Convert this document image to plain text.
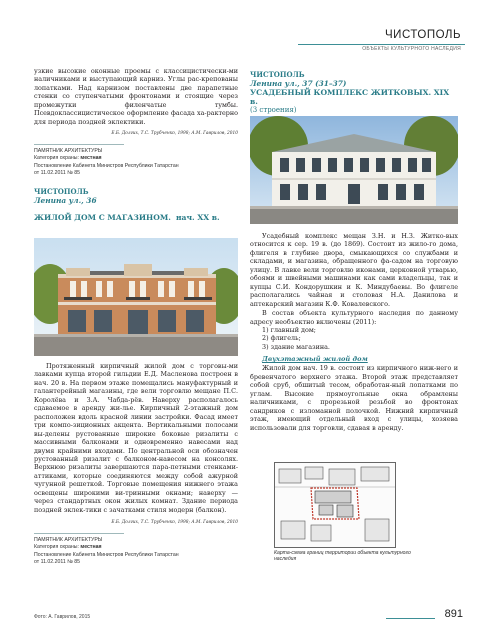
ЧИСТОПОЛЬ
ОБЪЕКТЫ КУЛЬТУРНОГО НАСЛЕДИЯ
узкие высокие оконные проемы с классицистически-ми наличниками и выступающий карниз. Углы рас-крепованы лопатками. Над карнизом поставлены две парапетные стенки со ступенчатыми фронтонами и стоящие через промежутки филенчатые тумбы. Псевдоклассицистическое оформление фасада ха-рактерно для периода поздней эклектики.
Е.Б. Долгих, Т.С. Трубченко, 1998; А.М. Гаврилов, 2010
ПАМЯТНИК АРХИТЕКТУРЫ
Категория охраны: местная
Постановление Кабинета Министров Республики Татарстан
от 11.02.2011 № 85
ЧИСТОПОЛЬ
Ленина ул., 36
ЖИЛОЙ ДОМ С МАГАЗИНОМ. нач. ХХ в.
Протяженный кирпичный жилой дом с торговы-ми лавками купца второй гильдии Е.Д. Масленова построен в нач. 20 в. На первом этаже помещались мануфактурный и галантерейный магазины, где вели торговлю мещане П.С. Королёва и З.А. Чабда-рёв. Наверху располагалось сдаваемое в аренду жи-лье. Кирпичный 2-этажный дом расположен вдоль красной линии застройки. Фасад имеет три компо-зиционных акцента. Вертикальными полосами вы-делены рустованные широкие боковые ризалиты с массивными балконами и одновременно навесами над двумя крайними входами. По центральной оси обозначен рустованный ризалит с балконом-навесом на консолях. Верхнюю ризалиты завершаются пара-петными стенками-аттиками, которые соединяются между собой ажурной чугунной решеткой. Торговые помещения нижнего этажа освещены широкими ви-тринными окнами; наверху — через стандартных окон жилых комнат. Здание периода поздней эклек-тики с зачатками стиля модерн (балкон).
Е.Б. Долгих, Т.С. Трубченко, 1998; А.М. Гаврилов, 2010
ПАМЯТНИК АРХИТЕКТУРЫ
Категория охраны: местная
Постановление Кабинета Министров Республики Татарстан
от 11.02.2011 № 85
ЧИСТОПОЛЬ
Ленина ул., 37 (31–37)
УСАДЕБНЫЙ КОМПЛЕКС ЖИТКОВЫХ. XIX в.
(3 строения)
Усадебный комплекс мещан З.Н. и Н.З. Житко-вых относится к сер. 19 в. (до 1869). Состоит из жило-го дома, флигеля в глубине двора, смыкающихся со службами и складами, и магазина, обращенного фа-садом на торговую улицу. В лавке вели торговлю иконами, церковной утварью, обоями и швейными машинами как сами владельцы, так и купцы С.И. Кондорушкин и К. Миндубаевы. Во флигеле располагались чайная и столовая Н.А. Данилова и аптекарский магазин К.Ф. Ковалевского.
В состав объекта культурного наследия по данному адресу необъектно включены (2011):
1) главный дом;
2) флигель;
3) здание магазина.
Двухэтажный жилой дом
Жилой дом нач. 19 в. состоит из кирпичного ниж-него и бревенчатого верхнего этажа. Второй этаж представляет собой сруб, обшитый тесом, обработан-ный лопатками по углам. Высокие прямоугольные окна обрамлены наличниками, с прорезьной резьбой во фронтонах сандриков с изломанной полочкой. Нижний кирпичный этаж, имеющий отдельный вход с улицы, хозяева использовали для торговли, сдавая в аренду.
Карта-схема границ территории объекта культурного наследия
Фото: А. Гаврилов, 2015	891
